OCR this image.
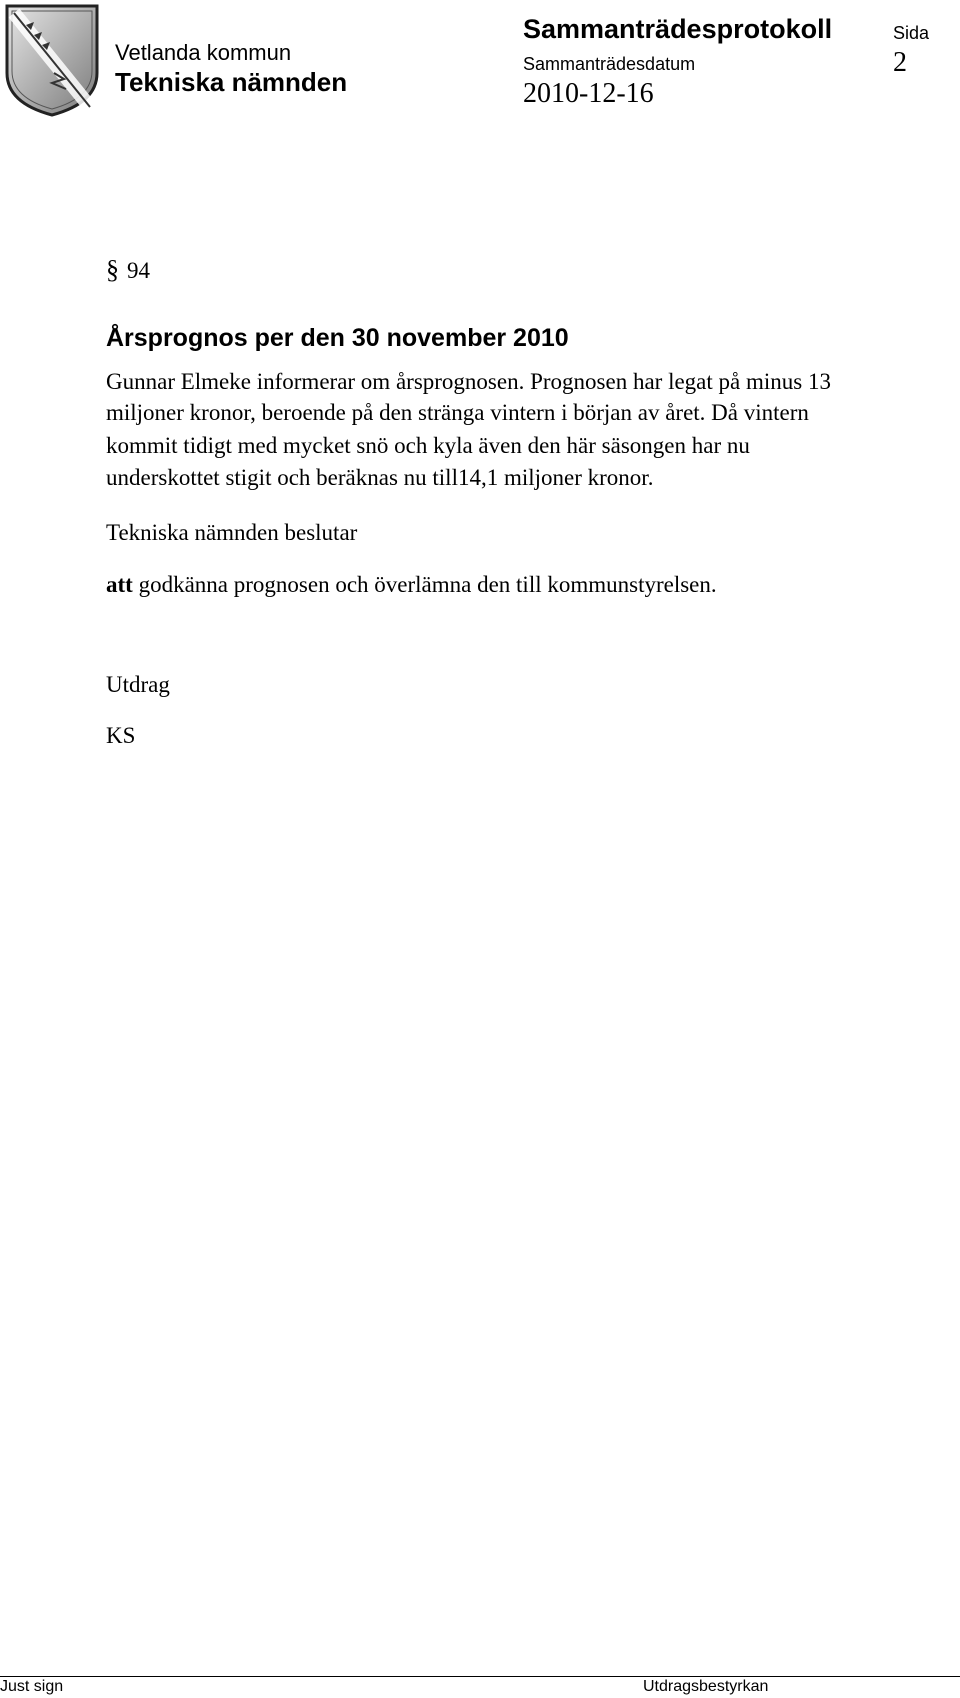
Vetlanda kommun
Tekniska nämnden
Sammanträdesprotokoll
Sammanträdesdatum
2010-12-16
Sida
2
§ 94
Årsprognos per den 30 november 2010
Gunnar Elmeke informerar om årsprognosen. Prognosen har legat på minus 13
miljoner kronor, beroende på den stränga vintern i början av året. Då vintern
kommit tidigt med mycket snö och kyla även den här säsongen har nu
underskottet stigit och beräknas nu till14,1 miljoner kronor.
Tekniska nämnden beslutar
att godkänna prognosen och överlämna den till kommunstyrelsen.
Utdrag
KS
Just sign	Utdragsbestyrkan
